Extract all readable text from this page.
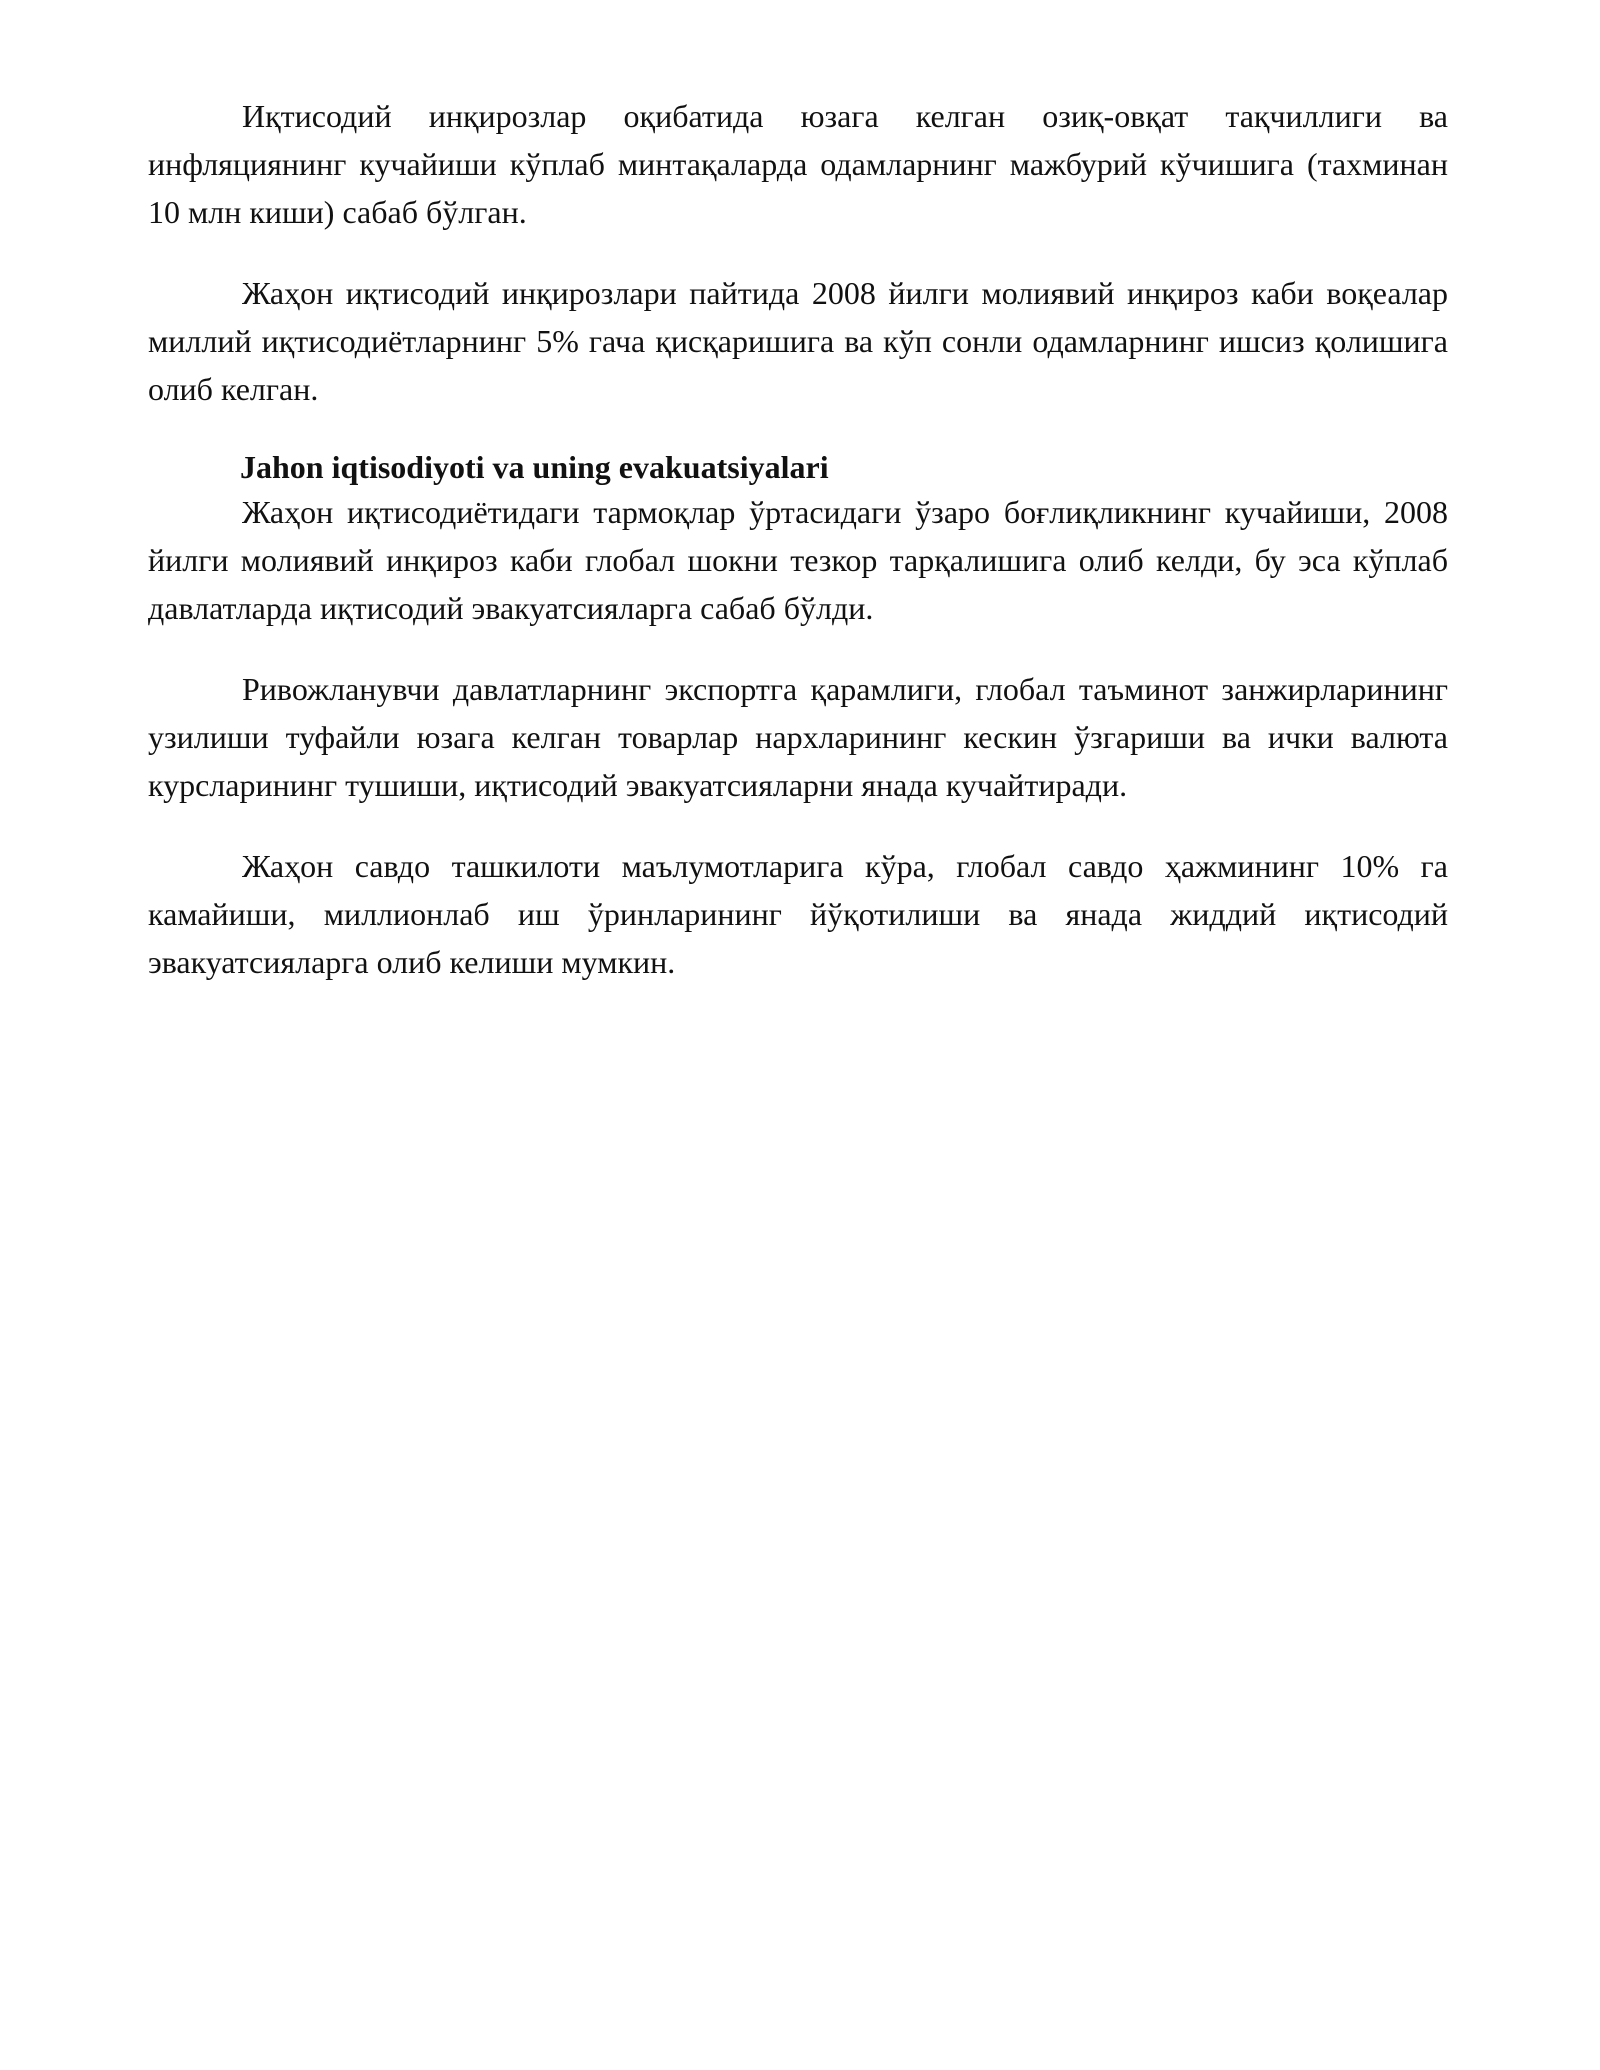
Иқтисодий инқирозлар оқибатида юзага келган озиқ-овқат тақчиллиги ва инфляциянинг кучайиши кўплаб минтақаларда одамларнинг мажбурий кўчишига (тахминан 10 млн киши) сабаб бўлган.

Жаҳон иқтисодий инқирозлари пайтида 2008 йилги молиявий инқироз каби воқеалар миллий иқтисодиётларнинг 5% гача қисқаришига ва кўп сонли одамларнинг ишсиз қолишига олиб келган.

Jahon iqtisodiyoti va uning evakuatsiyalari

Жаҳон иқтисодиётидаги тармоқлар ўртасидаги ўзаро боғлиқликнинг кучайиши, 2008 йилги молиявий инқироз каби глобал шокни тезкор тарқалишига олиб келди, бу эса кўплаб давлатларда иқтисодий эвакуатсияларга сабаб бўлди.

Ривожланувчи давлатларнинг экспортга қарамлиги, глобал таъминот занжирларининг узилиши туфайли юзага келган товарлар нархларининг кескин ўзгариши ва ички валюта курсларининг тушиши, иқтисодий эвакуатсияларни янада кучайтиради.

Жаҳон савдо ташкилоти маълумотларига кўра, глобал савдо ҳажмининг 10% га камайиши, миллионлаб иш ўринларининг йўқотилиши ва янада жиддий иқтисодий эвакуатсияларга олиб келиши мумкин.
